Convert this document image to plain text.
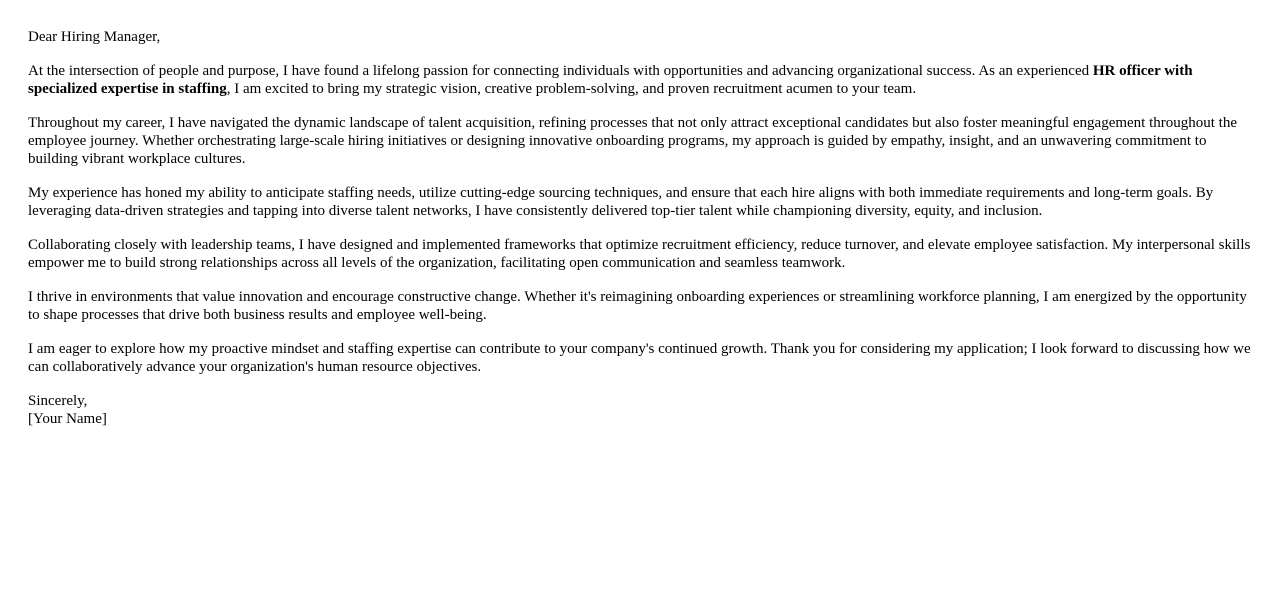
Dear Hiring Manager,

At the intersection of people and purpose, I have found a lifelong passion for connecting individuals with opportunities and advancing organizational success. As an experienced HR officer with specialized expertise in staffing, I am excited to bring my strategic vision, creative problem-solving, and proven recruitment acumen to your team.

Throughout my career, I have navigated the dynamic landscape of talent acquisition, refining processes that not only attract exceptional candidates but also foster meaningful engagement throughout the employee journey. Whether orchestrating large-scale hiring initiatives or designing innovative onboarding programs, my approach is guided by empathy, insight, and an unwavering commitment to building vibrant workplace cultures.

My experience has honed my ability to anticipate staffing needs, utilize cutting-edge sourcing techniques, and ensure that each hire aligns with both immediate requirements and long-term goals. By leveraging data-driven strategies and tapping into diverse talent networks, I have consistently delivered top-tier talent while championing diversity, equity, and inclusion.

Collaborating closely with leadership teams, I have designed and implemented frameworks that optimize recruitment efficiency, reduce turnover, and elevate employee satisfaction. My interpersonal skills empower me to build strong relationships across all levels of the organization, facilitating open communication and seamless teamwork.

I thrive in environments that value innovation and encourage constructive change. Whether it's reimagining onboarding experiences or streamlining workforce planning, I am energized by the opportunity to shape processes that drive both business results and employee well-being.

I am eager to explore how my proactive mindset and staffing expertise can contribute to your company's continued growth. Thank you for considering my application; I look forward to discussing how we can collaboratively advance your organization's human resource objectives.

Sincerely,
[Your Name]
